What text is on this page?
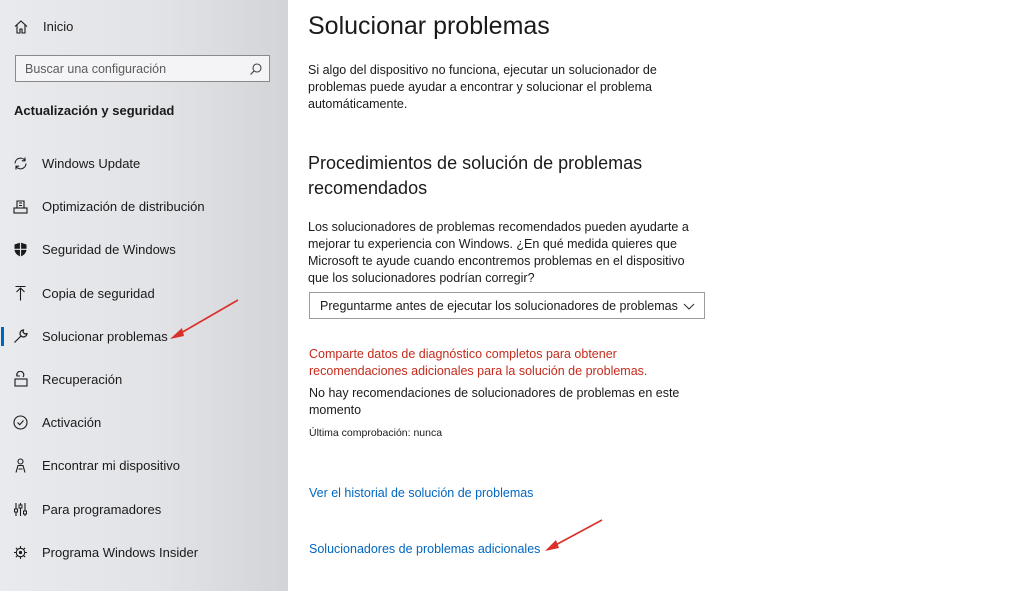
Inicio
Buscar una configuración
Actualización y seguridad
Windows Update
Optimización de distribución
Seguridad de Windows
Copia de seguridad
Solucionar problemas
Recuperación
Activación
Encontrar mi dispositivo
Para programadores
Programa Windows Insider
Solucionar problemas
Si algo del dispositivo no funciona, ejecutar un solucionador de problemas puede ayudar a encontrar y solucionar el problema automáticamente.
Procedimientos de solución de problemas recomendados
Los solucionadores de problemas recomendados pueden ayudarte a mejorar tu experiencia con Windows. ¿En qué medida quieres que Microsoft te ayude cuando encontremos problemas en el dispositivo que los solucionadores podrían corregir?
Preguntarme antes de ejecutar los solucionadores de problemas
Comparte datos de diagnóstico completos para obtener recomendaciones adicionales para la solución de problemas.
No hay recomendaciones de solucionadores de problemas en este momento
Última comprobación: nunca
Ver el historial de solución de problemas
Solucionadores de problemas adicionales
